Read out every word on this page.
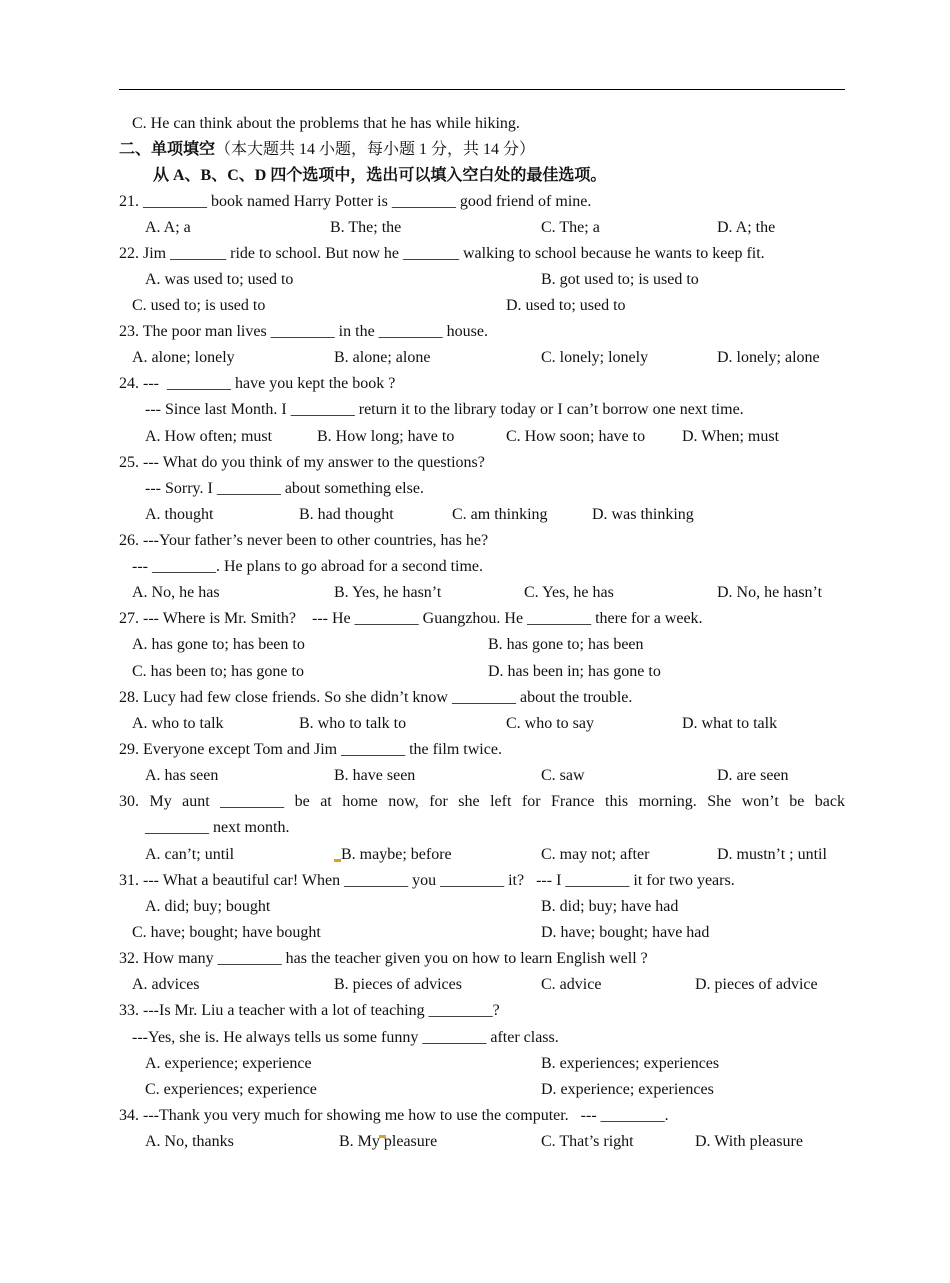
C. He can think about the problems that he has while hiking.
二、单项填空（本大题共 14 小题，每小题 1 分，共 14 分）
从 A、B、C、D 四个选项中，选出可以填入空白处的最佳选项。
21. ________ book named Harry Potter is ________ good friend of mine.
A. A; a	B. The; the	C. The; a	D. A; the
22. Jim _______ ride to school. But now he _______ walking to school because he wants to keep fit.
A. was used to; used to	B. got used to; is used to
C. used to; is used to	D. used to; used to
23. The poor man lives ________ in the ________ house.
A. alone; lonely	B. alone; alone	C. lonely; lonely	D. lonely; alone
24. ---  ________ have you kept the book ?
--- Since last Month. I ________ return it to the library today or I can’t borrow one next time.
A. How often; must	B. How long; have to	C. How soon; have to D. When; must
25. --- What do you think of my answer to the questions?
--- Sorry. I ________ about something else.
A. thought	B. had thought	C. am thinking	D. was thinking
26. ---Your father’s never been to other countries, has he?
--- ________. He plans to go abroad for a second time.
A. No, he has	B. Yes, he hasn’t	C. Yes, he has	D. No, he hasn’t
27. --- Where is Mr. Smith?    --- He ________ Guangzhou. He ________ there for a week.
A. has gone to; has been to	B. has gone to; has been
C. has been to; has gone to	D. has been in; has gone to
28. Lucy had few close friends. So she didn’t know ________ about the trouble.
A. who to talk	B. who to talk to	C. who to say	D. what to talk
29. Everyone except Tom and Jim ________ the film twice.
A. has seen	B. have seen	C. saw	D. are seen
30. My aunt ________ be at home now, for she left for France this morning. She won’t be back
________ next month.
A. can’t; until	B. maybe; before	C. may not; after	D. mustn’t ; until
31. --- What a beautiful car! When ________ you ________ it?   --- I ________ it for two years.
A. did; buy; bought	B. did; buy; have had
C. have; bought; have bought	D. have; bought; have had
32. How many ________ has the teacher given you on how to learn English well ?
A. advices	B. pieces of advices	C. advice	D. pieces of advice
33. ---Is Mr. Liu a teacher with a lot of teaching ________?
---Yes, she is. He always tells us some funny ________ after class.
A. experience; experience	B. experiences; experiences
C. experiences; experience	D. experience; experiences
34. ---Thank you very much for showing
me how to use the computer.   --- ________.
A. No, thanks	B. My pleasure	C. That’s right	D. With pleasure
